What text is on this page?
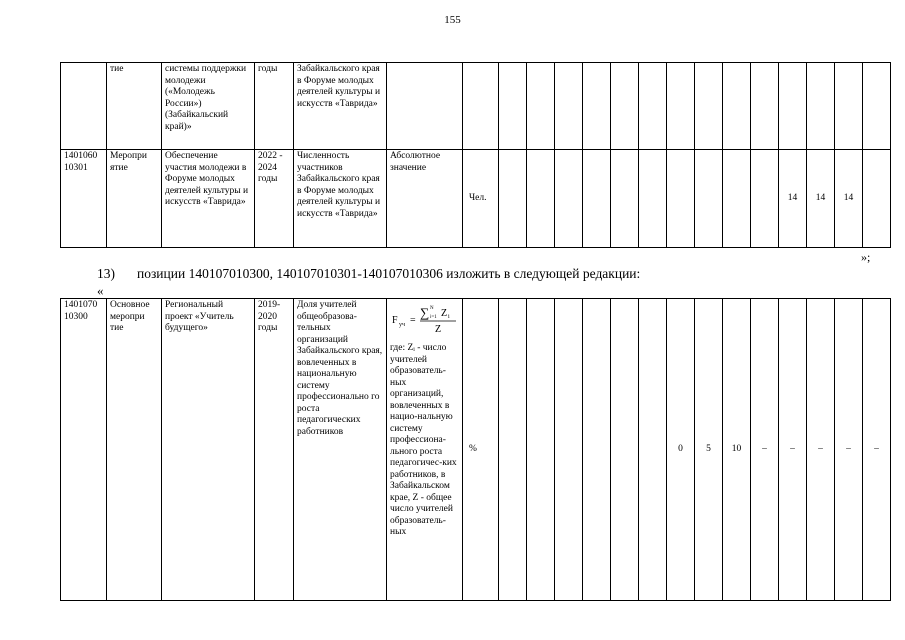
155
	тие	системы поддержки молодежи («Молодежь России») (Забайкальский край)»	годы	Забайкальского края в Форуме молодых деятелей культуры и искусств «Таврида»																
1401060 10301	Меропри ятие	Обеспечение участия молодежи в Форуме молодых деятелей культуры и искусств «Таврида»	2022 - 2024 годы	Численность участников Забайкальского края в Форуме молодых деятелей культуры и искусств «Таврида»	Абсолютное значение	Чел.											14	14	14	
»;
13) позиции 140107010300, 140107010301-140107010306 изложить в следующей редакции:
«
1401070 10300	Основное меропри тие	Региональный проект «Учитель будущего»	2019-2020 годы	Доля учителей общеобразова-тельных организаций Забайкальского края, вовлеченных в национальную систему профессионально го роста педагогических работников	
F уч =
∑ N
i=1 Z i
Z
где: Zᵢ - число учителей образователь-ных организаций, вовлеченных в нацио-нальную систему профессиона-льного роста педагогичес-ких работников, в Забайкальском крае, Z - общее число учителей образователь-ных	%							0	5	10	–	–	–	–	–
